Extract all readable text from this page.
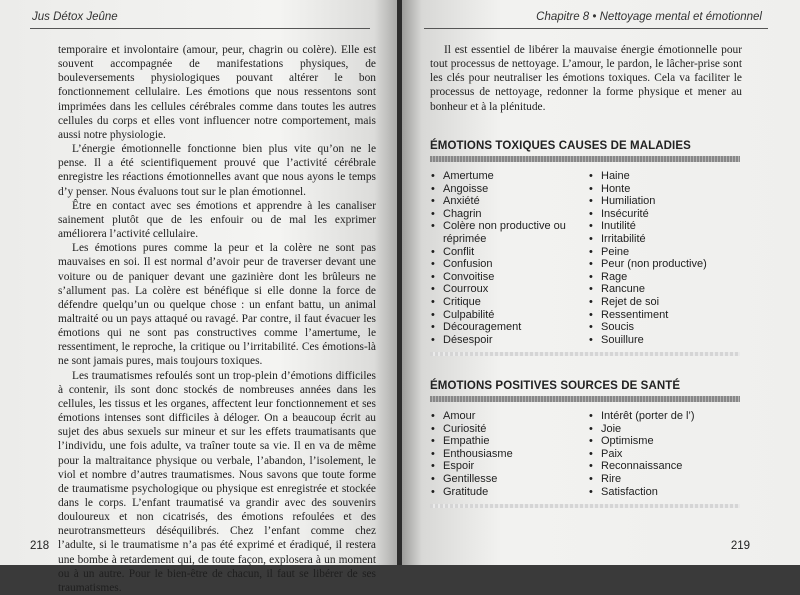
Jus Détox Jeûne

temporaire et involontaire (amour, peur, chagrin ou colère). Elle est souvent accompagnée de manifestations physiques, de bouleversements physiologiques pouvant altérer le bon fonctionnement cellulaire. Les émotions que nous ressentons sont imprimées dans les cellules cérébrales comme dans toutes les autres cellules du corps et elles vont influencer notre comportement, mais aussi notre physiologie.

L’énergie émotionnelle fonctionne bien plus vite qu’on ne le pense. Il a été scientifiquement prouvé que l’activité cérébrale enregistre les réactions émotionnelles avant que nous ayons le temps d’y penser. Nous évaluons tout sur le plan émotionnel.

Être en contact avec ses émotions et apprendre à les canaliser sainement plutôt que de les enfouir ou de mal les exprimer améliorera l’activité cellulaire.

Les émotions pures comme la peur et la colère ne sont pas mauvaises en soi. Il est normal d’avoir peur de traverser devant une voiture ou de paniquer devant une gazinière dont les brûleurs ne s’allument pas. La colère est bénéfique si elle donne la force de défendre quelqu’un ou quelque chose : un enfant battu, un animal maltraité ou un pays attaqué ou ravagé. Par contre, il faut évacuer les émotions qui ne sont pas constructives comme l’amertume, le ressentiment, le reproche, la critique ou l’irritabilité. Ces émotions-là ne sont jamais pures, mais toujours toxiques.

Les traumatismes refoulés sont un trop-plein d’émotions difficiles à contenir, ils sont donc stockés de nombreuses années dans les cellules, les tissus et les organes, affectent leur fonctionnement et ses émotions intenses sont difficiles à déloger. On a beaucoup écrit au sujet des abus sexuels sur mineur et sur les effets traumatisants que l’individu, une fois adulte, va traîner toute sa vie. Il en va de même pour la maltraitance physique ou verbale, l’abandon, l’isolement, le viol et nombre d’autres traumatismes. Nous savons que toute forme de traumatisme psychologique ou physique est enregistrée et stockée dans le corps. L’enfant traumatisé va grandir avec des souvenirs douloureux et non cicatrisés, des émotions refoulées et des neurotransmetteurs déséquilibrés. Chez l’enfant comme chez l’adulte, si le traumatisme n’a pas été exprimé et éradiqué, il restera une bombe à retardement qui, de toute façon, explosera à un moment ou à un autre. Pour le bien-être de chacun, il faut se libérer de ses traumatismes.

218
Chapitre 8 • Nettoyage mental et émotionnel

Il est essentiel de libérer la mauvaise énergie émotionnelle pour tout processus de nettoyage. L’amour, le pardon, le lâcher-prise sont les clés pour neutraliser les émotions toxiques. Cela va faciliter le processus de nettoyage, redonner la forme physique et mener au bonheur et à la plénitude.

ÉMOTIONS TOXIQUES CAUSES DE MALADIES
• Amertume
• Angoisse
• Anxiété
• Chagrin
• Colère non productive ou réprimée
• Conflit
• Confusion
• Convoitise
• Courroux
• Critique
• Culpabilité
• Découragement
• Désespoir
• Haine
• Honte
• Humiliation
• Insécurité
• Inutilité
• Irritabilité
• Peine
• Peur (non productive)
• Rage
• Rancune
• Rejet de soi
• Ressentiment
• Soucis
• Souillure
ÉMOTIONS POSITIVES SOURCES DE SANTÉ
• Amour
• Curiosité
• Empathie
• Enthousiasme
• Espoir
• Gentillesse
• Gratitude
• Intérêt (porter de l’)
• Joie
• Optimisme
• Paix
• Reconnaissance
• Rire
• Satisfaction
219
